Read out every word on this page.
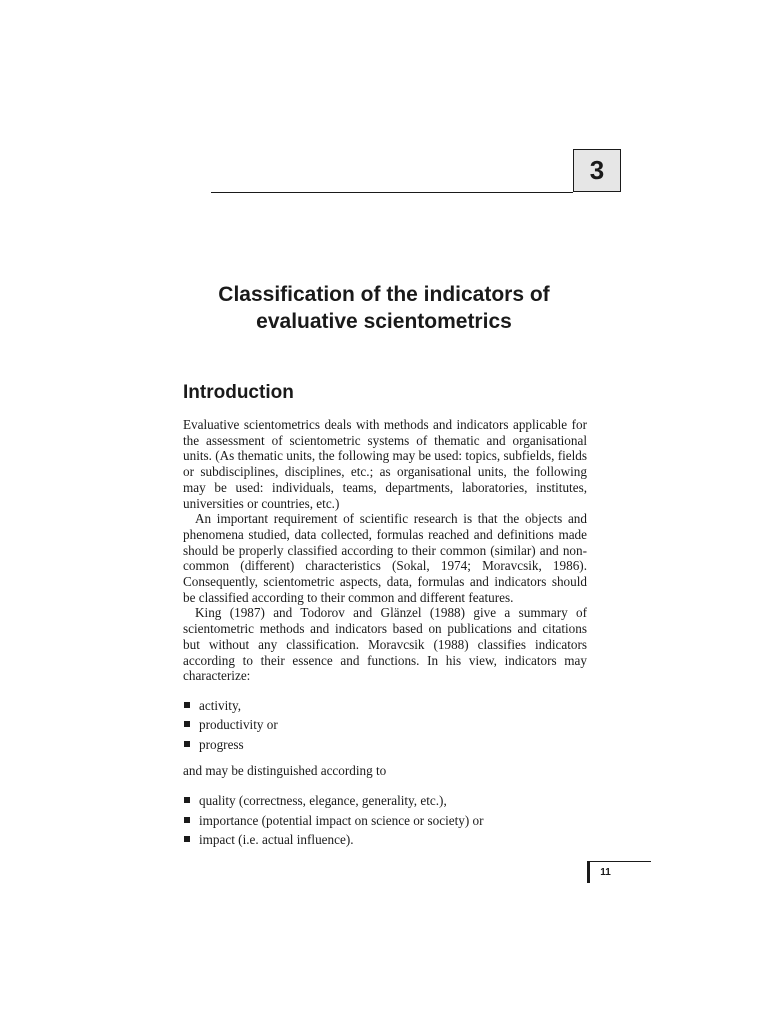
3
Classification of the indicators of
evaluative scientometrics
Introduction

Evaluative scientometrics deals with methods and indicators applicable for the assessment of scientometric systems of thematic and organisational units. (As thematic units, the following may be used: topics, subfields, fields or subdisciplines, disciplines, etc.; as organisational units, the following may be used: individuals, teams, departments, laboratories, institutes, universities or countries, etc.)

An important requirement of scientific research is that the objects and phenomena studied, data collected, formulas reached and definitions made should be properly classified according to their common (similar) and non-common (different) characteristics (Sokal, 1974; Moravcsik, 1986). Consequently, scientometric aspects, data, formulas and indicators should be classified according to their common and different features.

King (1987) and Todorov and Glänzel (1988) give a summary of scientometric methods and indicators based on publications and citations but without any classification. Moravcsik (1988) classifies indicators according to their essence and functions. In his view, indicators may characterize:

activity,
productivity or
progress

and may be distinguished according to

quality (correctness, elegance, generality, etc.),
importance (potential impact on science or society) or
impact (i.e. actual influence).
11
